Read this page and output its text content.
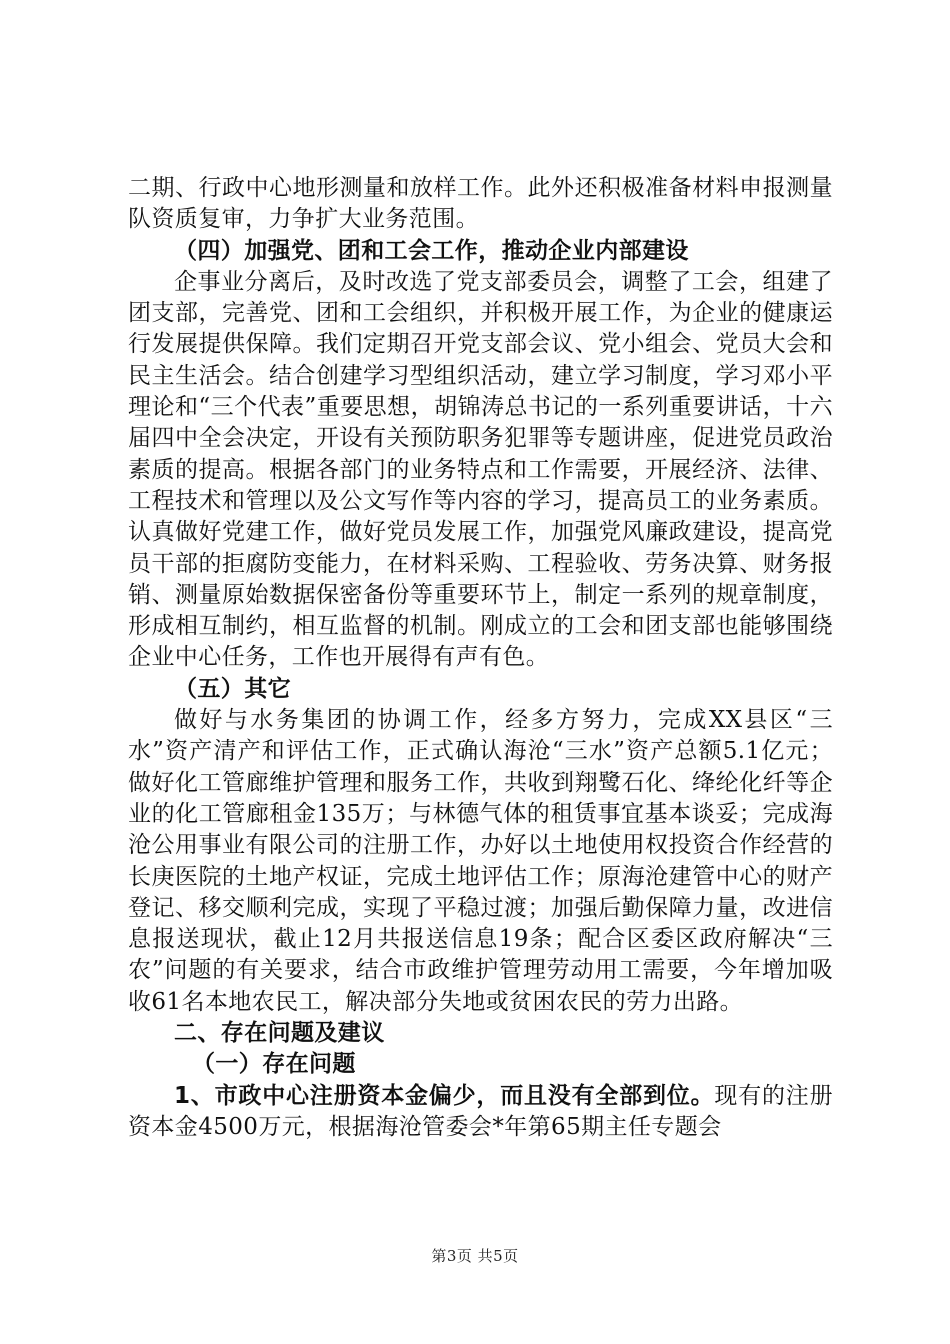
二期、行政中心地形测量和放样工作。此外还积极准备材料申报测量队资质复审，力争扩大业务范围。

（四）加强党、团和工会工作，推动企业内部建设

企事业分离后，及时改选了党支部委员会，调整了工会，组建了团支部，完善党、团和工会组织，并积极开展工作，为企业的健康运行发展提供保障。我们定期召开党支部会议、党小组会、党员大会和民主生活会。结合创建学习型组织活动，建立学习制度，学习邓小平理论和“三个代表”重要思想，胡锦涛总书记的一系列重要讲话，十六届四中全会决定，开设有关预防职务犯罪等专题讲座，促进党员政治素质的提高。根据各部门的业务特点和工作需要，开展经济、法律、工程技术和管理以及公文写作等内容的学习，提高员工的业务素质。认真做好党建工作，做好党员发展工作，加强党风廉政建设，提高党员干部的拒腐防变能力，在材料采购、工程验收、劳务决算、财务报销、测量原始数据保密备份等重要环节上，制定一系列的规章制度，形成相互制约，相互监督的机制。刚成立的工会和团支部也能够围绕企业中心任务，工作也开展得有声有色。

（五）其它

做好与水务集团的协调工作，经多方努力，完成XX县区“三水”资产清产和评估工作，正式确认海沧“三水”资产总额5.1亿元；做好化工管廊维护管理和服务工作，共收到翔鹭石化、绛纶化纤等企业的化工管廊租金135万；与林德气体的租赁事宜基本谈妥；完成海沧公用事业有限公司的注册工作，办好以土地使用权投资合作经营的长庚医院的土地产权证，完成土地评估工作；原海沧建管中心的财产登记、移交顺利完成，实现了平稳过渡；加强后勤保障力量，改进信息报送现状，截止12月共报送信息19条；配合区委区政府解决“三农”问题的有关要求，结合市政维护管理劳动用工需要，今年增加吸收61名本地农民工，解决部分失地或贫困农民的劳力出路。

二、存在问题及建议

（一）存在问题

1、市政中心注册资本金偏少，而且没有全部到位。现有的注册资本金4500万元，根据海沧管委会*年第65期主任专题会

第3页 共5页
